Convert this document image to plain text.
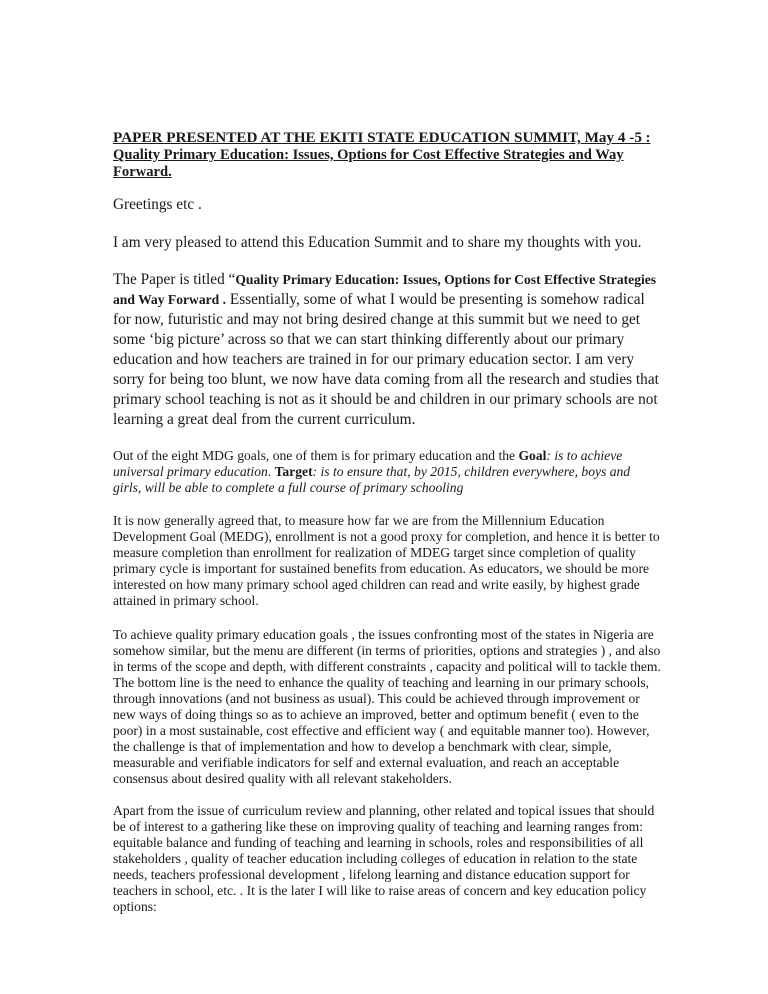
PAPER PRESENTED AT THE EKITI STATE EDUCATION SUMMIT, May 4 -5 : Quality Primary Education: Issues, Options for Cost Effective Strategies and Way Forward.

Greetings etc .

I am very pleased to attend this Education Summit and to share my thoughts with you.

The Paper is titled “Quality Primary Education: Issues, Options for Cost Effective Strategies and Way Forward . Essentially, some of what I would be presenting is somehow radical for now, futuristic and may not bring desired change at this summit but we need to get some ‘big picture’ across so that we can start thinking differently about our primary education and how teachers are trained in for our primary education sector. I am very sorry for being too blunt, we now have data coming from all the research and studies that primary school teaching is not as it should be and children in our primary schools are not learning a great deal from the current curriculum.

Out of the eight MDG goals, one of them is for primary education and the Goal: is to achieve universal primary education. Target: is to ensure that, by 2015, children everywhere, boys and girls, will be able to complete a full course of primary schooling

It is now generally agreed that, to measure how far we are from the Millennium Education Development Goal (MEDG), enrollment is not a good proxy for completion, and hence it is better to measure completion than enrollment for realization of MDEG target since completion of quality primary cycle is important for sustained benefits from education. As educators, we should be more interested on how many primary school aged children can read and write easily, by highest grade attained in primary school.

To achieve quality primary education goals , the issues confronting most of the states in Nigeria are somehow similar, but the menu are different (in terms of priorities, options and strategies ) , and also in terms of the scope and depth, with different constraints , capacity and political will to tackle them. The bottom line is the need to enhance the quality of teaching and learning in our primary schools, through innovations (and not business as usual). This could be achieved through improvement or new ways of doing things so as to achieve an improved, better and optimum benefit ( even to the poor) in a most sustainable, cost effective and efficient way ( and equitable manner too). However, the challenge is that of implementation and how to develop a benchmark with clear, simple, measurable and verifiable indicators for self and external evaluation, and reach an acceptable consensus about desired quality with all relevant stakeholders.

Apart from the issue of curriculum review and planning, other related and topical issues that should be of interest to a gathering like these on improving quality of teaching and learning ranges from: equitable balance and funding of teaching and learning in schools, roles and responsibilities of all stakeholders , quality of teacher education including colleges of education in relation to the state needs, teachers professional development , lifelong learning and distance education support for teachers in school, etc. . It is the later I will like to raise areas of concern and key education policy options:
